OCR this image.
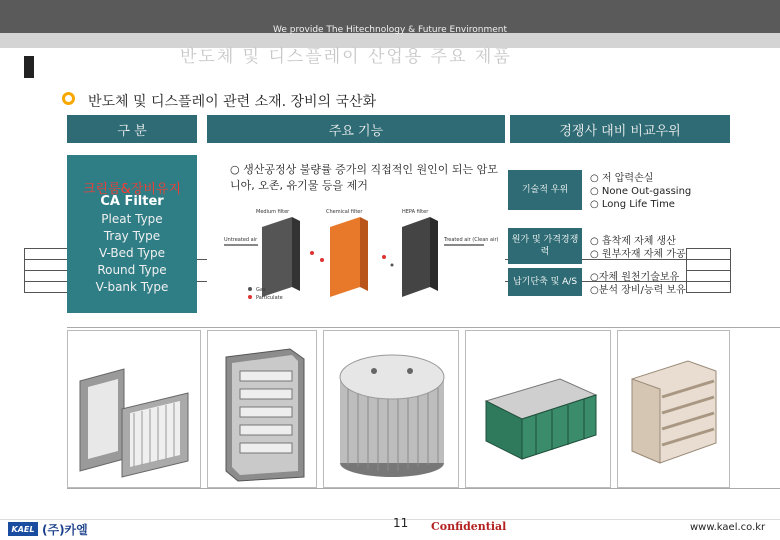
We provide The Hitechnology & Future Environment
반도체 및 디스플레이 산업용 주요 제품
반도체 및 디스플레이 관련 소재. 장비의 국산화
구 분	주요 기능	경쟁사 대비 비교우위
크린룸&장비유지
CA Filter
Pleat Type
Tray Type
V-Bed Type
Round Type
V-bank Type
○ 생산공정상 불량률 증가의 직접적인 원인이 되는 암모니아, 오존, 유기물 등을 제거
Medium filter	Chemical filter	HEPA filter
Untreated air	Treated air (Clean air)
Gas
Particulate
기술적 우위
○ 저 압력손실
○ None Out-gassing
○ Long Life Time
원가 및 가격경쟁력
○ 흡착제 자체 생산
○ 원부자재 자체 가공
납기단축 및 A/S	○자체 원천기술보유
○분석 장비/능력 보유
KAEL (주)카엘	11 Confidential	www.kael.co.kr
